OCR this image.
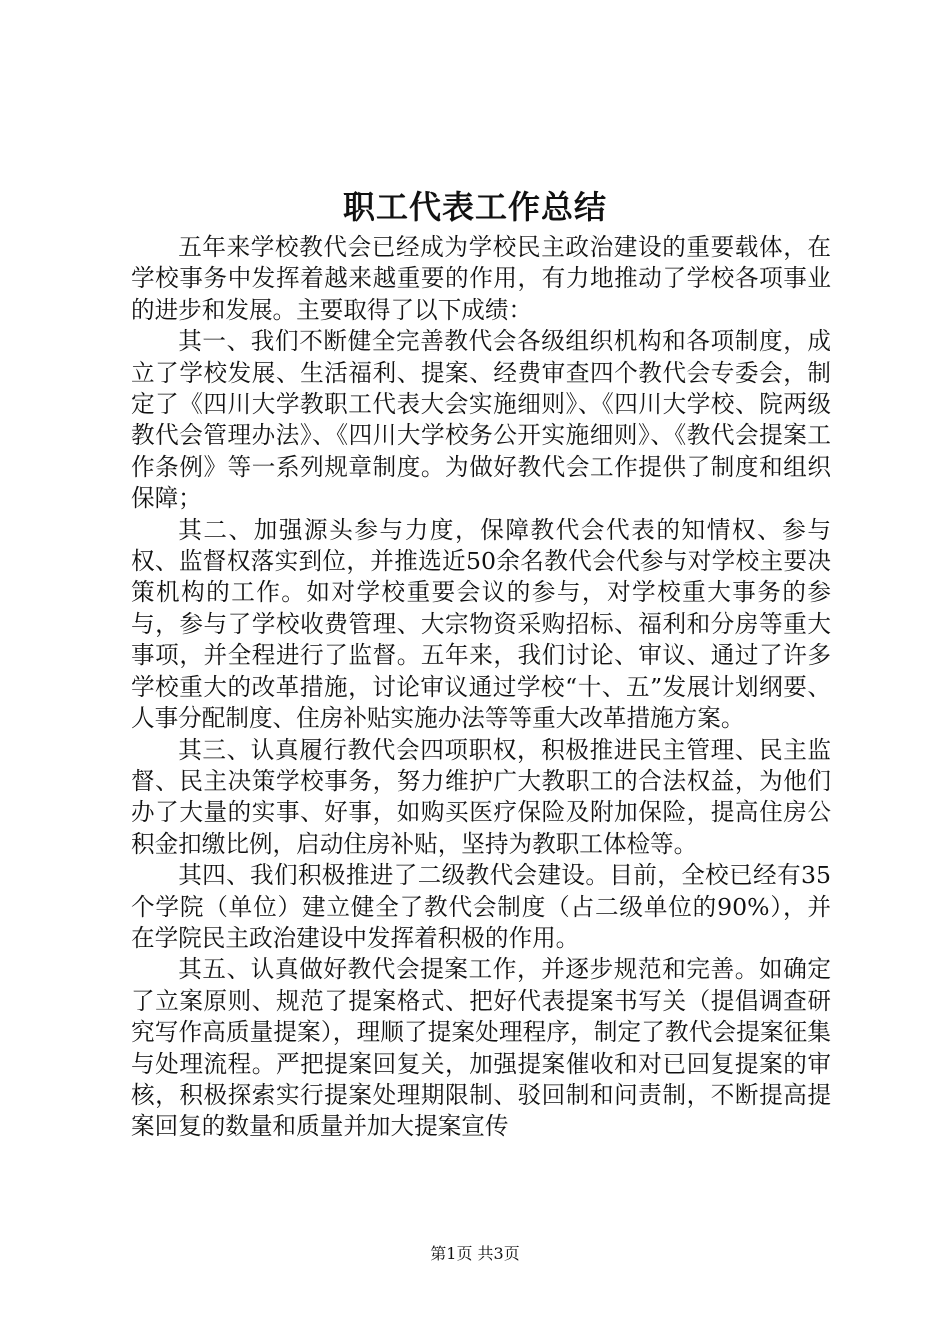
职工代表工作总结

五年来学校教代会已经成为学校民主政治建设的重要载体，在学校事务中发挥着越来越重要的作用，有力地推动了学校各项事业的进步和发展。主要取得了以下成绩：

其一、我们不断健全完善教代会各级组织机构和各项制度，成立了学校发展、生活福利、提案、经费审查四个教代会专委会，制定了《四川大学教职工代表大会实施细则》、《四川大学校、院两级教代会管理办法》、《四川大学校务公开实施细则》、《教代会提案工作条例》等一系列规章制度。为做好教代会工作提供了制度和组织保障；

其二、加强源头参与力度，保障教代会代表的知情权、参与权、监督权落实到位，并推选近50余名教代会代参与对学校主要决策机构的工作。如对学校重要会议的参与，对学校重大事务的参与，参与了学校收费管理、大宗物资采购招标、福利和分房等重大事项，并全程进行了监督。五年来，我们讨论、审议、通过了许多学校重大的改革措施，讨论审议通过学校“十、五”发展计划纲要、人事分配制度、住房补贴实施办法等等重大改革措施方案。

其三、认真履行教代会四项职权，积极推进民主管理、民主监督、民主决策学校事务，努力维护广大教职工的合法权益，为他们办了大量的实事、好事，如购买医疗保险及附加保险，提高住房公积金扣缴比例，启动住房补贴，坚持为教职工体检等。

其四、我们积极推进了二级教代会建设。目前，全校已经有35个学院（单位）建立健全了教代会制度（占二级单位的90%），并在学院民主政治建设中发挥着积极的作用。

其五、认真做好教代会提案工作，并逐步规范和完善。如确定了立案原则、规范了提案格式、把好代表提案书写关（提倡调查研究写作高质量提案），理顺了提案处理程序，制定了教代会提案征集与处理流程。严把提案回复关，加强提案催收和对已回复提案的审核，积极探索实行提案处理期限制、驳回制和问责制，不断提高提案回复的数量和质量并加大提案宣传

第1页 共3页
